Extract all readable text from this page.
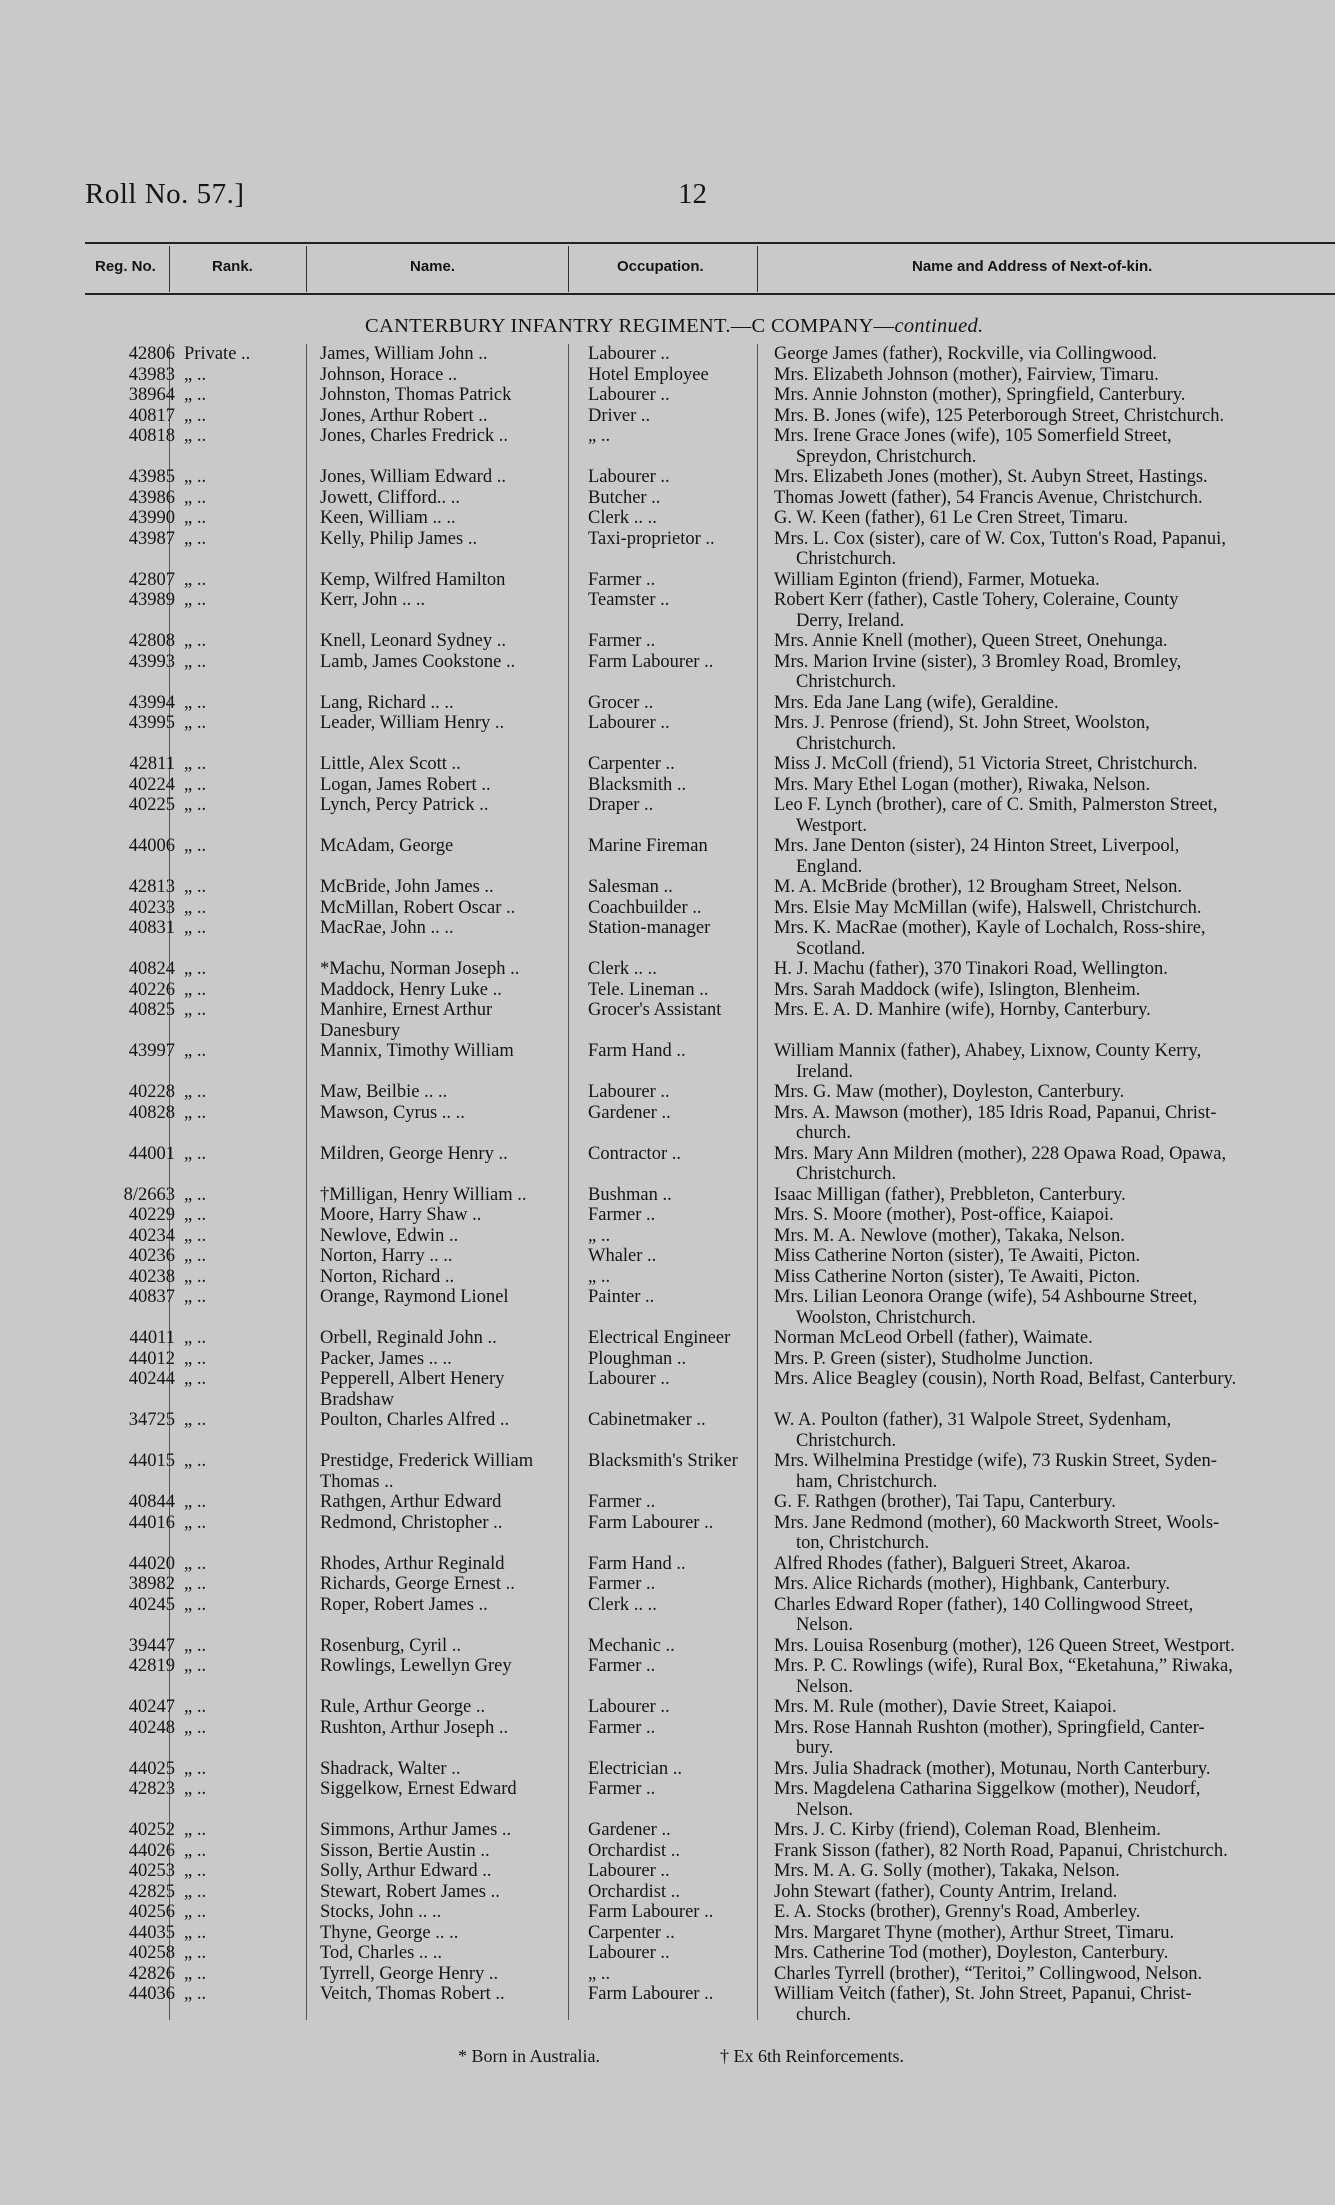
Roll No. 57.]	12
Reg. No.	Rank.	Name.	Occupation.	Name and Address of Next-of-kin.
CANTERBURY INFANTRY REGIMENT.—C COMPANY—continued.
42806 Private ..	James, William John ..	Labourer ..	George James (father), Rockville, via Collingwood.
43983 „ ..	Johnson, Horace ..	Hotel Employee	Mrs. Elizabeth Johnson (mother), Fairview, Timaru.
38964 „ ..	Johnston, Thomas Patrick	Labourer ..	Mrs. Annie Johnston (mother), Springfield, Canterbury.
40817 „ ..	Jones, Arthur Robert ..	Driver ..	Mrs. B. Jones (wife), 125 Peterborough Street, Christchurch.
40818 „ ..	Jones, Charles Fredrick ..	„ ..	Mrs. Irene Grace Jones (wife), 105 Somerfield Street,
Spreydon, Christchurch.
43985 „ ..	Jones, William Edward ..	Labourer ..	Mrs. Elizabeth Jones (mother), St. Aubyn Street, Hastings.
43986 „ ..	Jowett, Clifford.. ..	Butcher ..	Thomas Jowett (father), 54 Francis Avenue, Christchurch.
43990 „ ..	Keen, William .. ..	Clerk .. ..	G. W. Keen (father), 61 Le Cren Street, Timaru.
43987 „ ..	Kelly, Philip James ..	Taxi-proprietor ..	Mrs. L. Cox (sister), care of W. Cox, Tutton's Road, Papanui,
Christchurch.
42807 „ ..	Kemp, Wilfred Hamilton	Farmer ..	William Eginton (friend), Farmer, Motueka.
43989 „ ..	Kerr, John .. ..	Teamster ..	Robert Kerr (father), Castle Tohery, Coleraine, County
Derry, Ireland.
42808 „ ..	Knell, Leonard Sydney ..	Farmer ..	Mrs. Annie Knell (mother), Queen Street, Onehunga.
43993 „ ..	Lamb, James Cookstone ..	Farm Labourer ..	Mrs. Marion Irvine (sister), 3 Bromley Road, Bromley,
Christchurch.
43994 „ ..	Lang, Richard .. ..	Grocer ..	Mrs. Eda Jane Lang (wife), Geraldine.
43995 „ ..	Leader, William Henry ..	Labourer ..	Mrs. J. Penrose (friend), St. John Street, Woolston,
Christchurch.
42811 „ ..	Little, Alex Scott ..	Carpenter ..	Miss J. McColl (friend), 51 Victoria Street, Christchurch.
40224 „ ..	Logan, James Robert ..	Blacksmith ..	Mrs. Mary Ethel Logan (mother), Riwaka, Nelson.
40225 „ ..	Lynch, Percy Patrick ..	Draper ..	Leo F. Lynch (brother), care of C. Smith, Palmerston Street,
Westport.
44006 „ ..	McAdam, George	Marine Fireman	Mrs. Jane Denton (sister), 24 Hinton Street, Liverpool,
England.
42813 „ ..	McBride, John James ..	Salesman ..	M. A. McBride (brother), 12 Brougham Street, Nelson.
40233 „ ..	McMillan, Robert Oscar ..	Coachbuilder ..	Mrs. Elsie May McMillan (wife), Halswell, Christchurch.
40831 „ ..	MacRae, John .. ..	Station-manager	Mrs. K. MacRae (mother), Kayle of Lochalch, Ross-shire,
Scotland.
40824 „ ..	*Machu, Norman Joseph ..	Clerk .. ..	H. J. Machu (father), 370 Tinakori Road, Wellington.
40226 „ ..	Maddock, Henry Luke ..	Tele. Lineman ..	Mrs. Sarah Maddock (wife), Islington, Blenheim.
40825 „ ..	Manhire, Ernest Arthur Danesbury
Grocer's Assistant	Mrs. E. A. D. Manhire (wife), Hornby, Canterbury.
43997 „ ..	Mannix, Timothy William	Farm Hand ..	William Mannix (father), Ahabey, Lixnow, County Kerry,
Ireland.
40228 „ ..	Maw, Beilbie .. ..	Labourer ..	Mrs. G. Maw (mother), Doyleston, Canterbury.
40828 „ ..	Mawson, Cyrus .. ..	Gardener ..	Mrs. A. Mawson (mother), 185 Idris Road, Papanui, Christ-
church.
44001 „ ..	Mildren, George Henry ..	Contractor ..	Mrs. Mary Ann Mildren (mother), 228 Opawa Road, Opawa,
Christchurch.
8/2663 „ ..	†Milligan, Henry William ..	Bushman ..	Isaac Milligan (father), Prebbleton, Canterbury.
40229 „ ..	Moore, Harry Shaw ..	Farmer ..	Mrs. S. Moore (mother), Post-office, Kaiapoi.
40234 „ ..	Newlove, Edwin ..	„ ..	Mrs. M. A. Newlove (mother), Takaka, Nelson.
40236 „ ..	Norton, Harry .. ..	Whaler ..	Miss Catherine Norton (sister), Te Awaiti, Picton.
40238 „ ..	Norton, Richard ..	„ ..	Miss Catherine Norton (sister), Te Awaiti, Picton.
40837 „ ..	Orange, Raymond Lionel	Painter ..	Mrs. Lilian Leonora Orange (wife), 54 Ashbourne Street,
Woolston, Christchurch.
44011 „ ..	Orbell, Reginald John ..	Electrical Engineer	Norman McLeod Orbell (father), Waimate.
44012 „ ..	Packer, James .. ..	Ploughman ..	Mrs. P. Green (sister), Studholme Junction.
40244 „ ..	Pepperell, Albert Henery Bradshaw
Labourer ..	Mrs. Alice Beagley (cousin), North Road, Belfast, Canterbury.
34725 „ ..	Poulton, Charles Alfred ..	Cabinetmaker ..	W. A. Poulton (father), 31 Walpole Street, Sydenham,
Christchurch.
44015 „ ..	Prestidge, Frederick William Thomas ..
Blacksmith's Striker	Mrs. Wilhelmina Prestidge (wife), 73 Ruskin Street, Syden-
ham, Christchurch.
40844 „ ..	Rathgen, Arthur Edward	Farmer ..	G. F. Rathgen (brother), Tai Tapu, Canterbury.
44016 „ ..	Redmond, Christopher ..	Farm Labourer ..	Mrs. Jane Redmond (mother), 60 Mackworth Street, Wools-
ton, Christchurch.
44020 „ ..	Rhodes, Arthur Reginald	Farm Hand ..	Alfred Rhodes (father), Balgueri Street, Akaroa.
38982 „ ..	Richards, George Ernest ..	Farmer ..	Mrs. Alice Richards (mother), Highbank, Canterbury.
40245 „ ..	Roper, Robert James ..	Clerk .. ..	Charles Edward Roper (father), 140 Collingwood Street,
Nelson.
39447 „ ..	Rosenburg, Cyril ..	Mechanic ..	Mrs. Louisa Rosenburg (mother), 126 Queen Street, Westport.
42819 „ ..	Rowlings, Lewellyn Grey	Farmer ..	Mrs. P. C. Rowlings (wife), Rural Box, “Eketahuna,” Riwaka,
Nelson.
40247 „ ..	Rule, Arthur George ..	Labourer ..	Mrs. M. Rule (mother), Davie Street, Kaiapoi.
40248 „ ..	Rushton, Arthur Joseph ..	Farmer ..	Mrs. Rose Hannah Rushton (mother), Springfield, Canter-
bury.
44025 „ ..	Shadrack, Walter ..	Electrician ..	Mrs. Julia Shadrack (mother), Motunau, North Canterbury.
42823 „ ..	Siggelkow, Ernest Edward	Farmer ..	Mrs. Magdelena Catharina Siggelkow (mother), Neudorf,
Nelson.
40252 „ ..	Simmons, Arthur James ..	Gardener ..	Mrs. J. C. Kirby (friend), Coleman Road, Blenheim.
44026 „ ..	Sisson, Bertie Austin ..	Orchardist ..	Frank Sisson (father), 82 North Road, Papanui, Christchurch.
40253 „ ..	Solly, Arthur Edward ..	Labourer ..	Mrs. M. A. G. Solly (mother), Takaka, Nelson.
42825 „ ..	Stewart, Robert James ..	Orchardist ..	John Stewart (father), County Antrim, Ireland.
40256 „ ..	Stocks, John .. ..	Farm Labourer ..	E. A. Stocks (brother), Grenny's Road, Amberley.
44035 „ ..	Thyne, George .. ..	Carpenter ..	Mrs. Margaret Thyne (mother), Arthur Street, Timaru.
40258 „ ..	Tod, Charles .. ..	Labourer ..	Mrs. Catherine Tod (mother), Doyleston, Canterbury.
42826 „ ..	Tyrrell, George Henry ..	„ ..	Charles Tyrrell (brother), “Teritoi,” Collingwood, Nelson.
44036 „ ..	Veitch, Thomas Robert ..	Farm Labourer ..	William Veitch (father), St. John Street, Papanui, Christ-
church.
* Born in Australia.	† Ex 6th Reinforcements.
